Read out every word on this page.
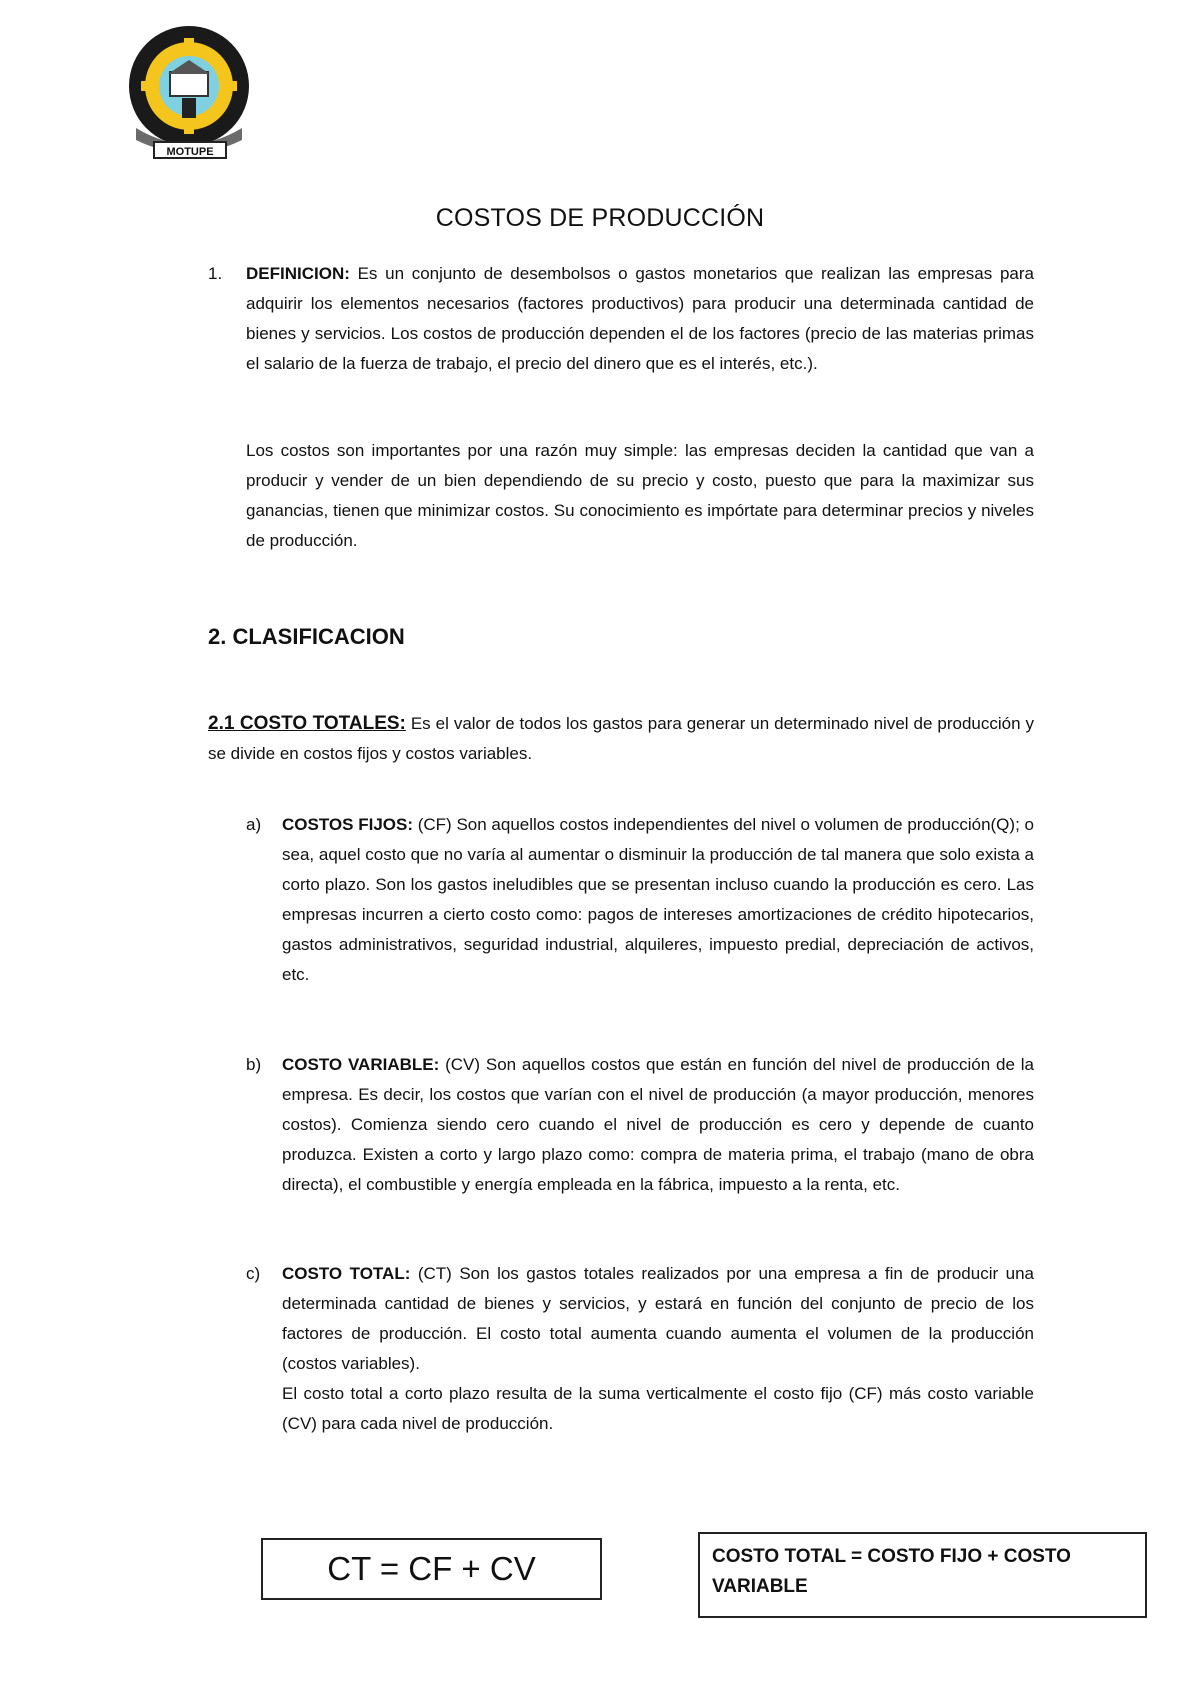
MOTUPE
COSTOS DE PRODUCCIÓN
1. DEFINICION: Es un conjunto de desembolsos o gastos monetarios que realizan las empresas para adquirir los elementos necesarios (factores productivos) para producir una determinada cantidad de bienes y servicios. Los costos de producción dependen el de los factores (precio de las materias primas el salario de la fuerza de trabajo, el precio del dinero que es el interés, etc.).
Los costos son importantes por una razón muy simple: las empresas deciden la cantidad que van a producir y vender de un bien dependiendo de su precio y costo, puesto que para la maximizar sus ganancias, tienen que minimizar costos. Su conocimiento es impórtate para determinar precios y niveles de producción.
2. CLASIFICACION
2.1 COSTO TOTALES: Es el valor de todos los gastos para generar un determinado nivel de producción y se divide en costos fijos y costos variables.
a) COSTOS FIJOS: (CF) Son aquellos costos independientes del nivel o volumen de producción(Q); o sea, aquel costo que no varía al aumentar o disminuir la producción de tal manera que solo exista a corto plazo. Son los gastos ineludibles que se presentan incluso cuando la producción es cero. Las empresas incurren a cierto costo como: pagos de intereses amortizaciones de crédito hipotecarios, gastos administrativos, seguridad industrial, alquileres, impuesto predial, depreciación de activos, etc.
b) COSTO VARIABLE: (CV) Son aquellos costos que están en función del nivel de producción de la empresa. Es decir, los costos que varían con el nivel de producción (a mayor producción, menores costos). Comienza siendo cero cuando el nivel de producción es cero y depende de cuanto produzca. Existen a corto y largo plazo como: compra de materia prima, el trabajo (mano de obra directa), el combustible y energía empleada en la fábrica, impuesto a la renta, etc.
c) COSTO TOTAL: (CT) Son los gastos totales realizados por una empresa a fin de producir una determinada cantidad de bienes y servicios, y estará en función del conjunto de precio de los factores de producción. El costo total aumenta cuando aumenta el volumen de la producción (costos variables).
El costo total a corto plazo resulta de la suma verticalmente el costo fijo (CF) más costo variable (CV) para cada nivel de producción.
CT = CF + CV	COSTO TOTAL = COSTO FIJO + COSTO VARIABLE
